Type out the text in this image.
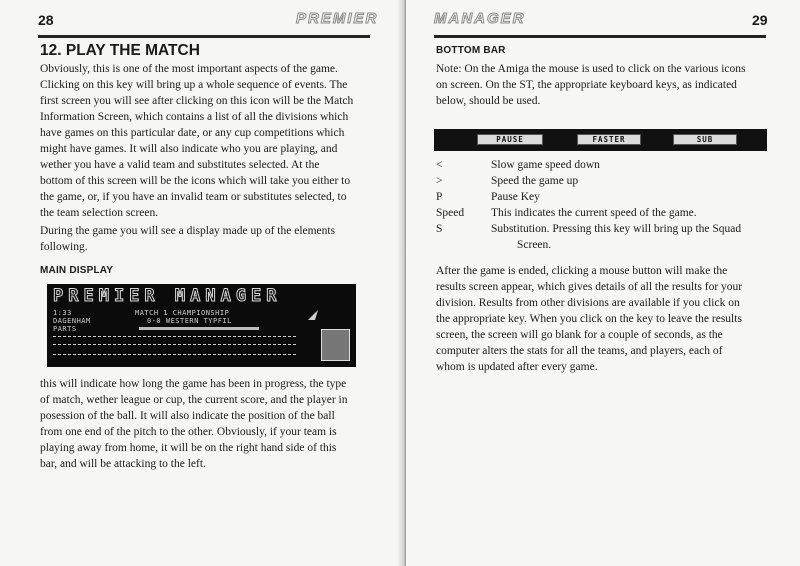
28	PREMIER
12. PLAY THE MATCH
Obviously, this is one of the most important aspects of the game.
Clicking on this key will bring up a whole sequence of events. The
first screen you will see after clicking on this icon will be the Match
Information Screen, which contains a list of all the divisions which
have games on this particular date, or any cup competitions which
might have games. It will also indicate who you are playing, and
wether you have a valid team and substitutes selected. At the
bottom of this screen will be the icons which will take you either to
the game, or, if you have an invalid team or substitutes selected, to
the team selection screen.
During the game you will see a display made up of the elements
following.
MAIN DISPLAY
PREMIER MANAGER
1:33	MATCH 1 CHAMPIONSHIP
DAGENHAM	0-0 WESTERN TYPFIL
PARTS
this will indicate how long the game has been in progress, the type
of match, wether league or cup, the current score, and the player in
posession of the ball. It will also indicate the position of the ball
from one end of the pitch to the other. Obviously, if your team is
playing away from home, it will be on the right hand side of this
bar, and will be attacking to the left.
MANAGER	29
BOTTOM BAR
Note: On the Amiga the mouse is used to click on the various icons
on screen. On the ST, the appropriate keyboard keys, as indicated
below, should be used.
PAUSE	FASTER	SUB
<	Slow game speed down
>	Speed the game up
P	Pause Key
Speed This indicates the current speed of the game.
S	Substitution. Pressing this key will bring up the Squad
Screen.
After the game is ended, clicking a mouse button will make the
results screen appear, which gives details of all the results for your
division. Results from other divisions are available if you click on
the appropriate key. When you click on the key to leave the results
screen, the screen will go blank for a couple of seconds, as the
computer alters the stats for all the teams, and players, each of
whom is updated after every game.
